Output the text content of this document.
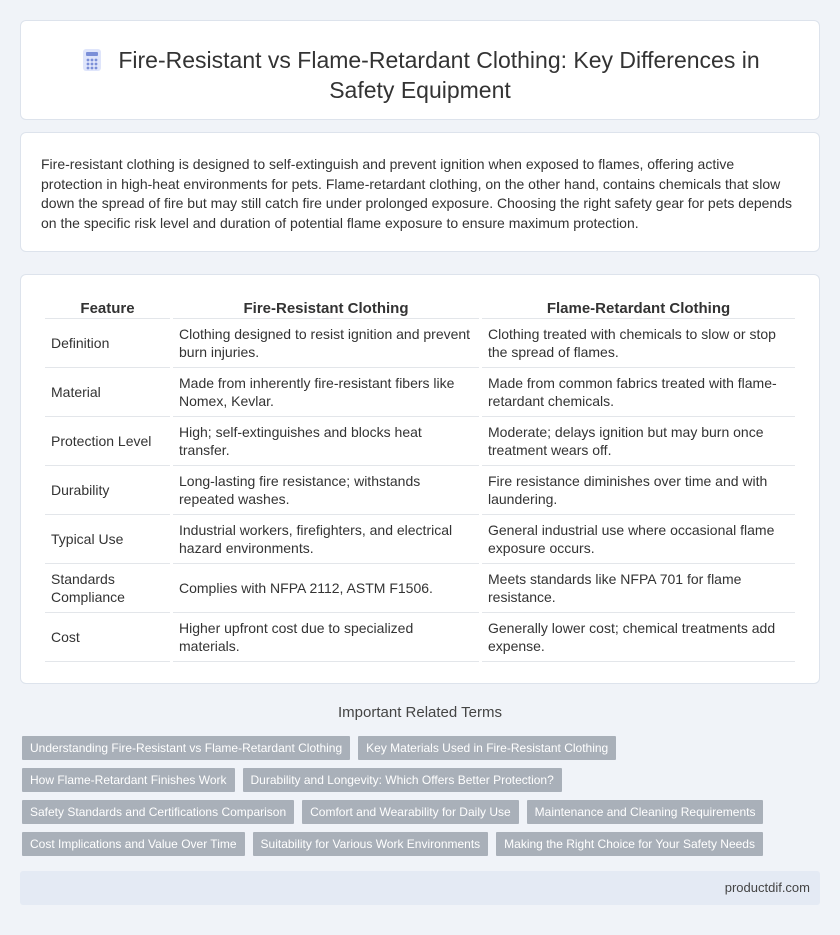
Fire-Resistant vs Flame-Retardant Clothing: Key Differences in Safety Equipment

Fire-resistant clothing is designed to self-extinguish and prevent ignition when exposed to flames, offering active protection in high-heat environments for pets. Flame-retardant clothing, on the other hand, contains chemicals that slow down the spread of fire but may still catch fire under prolonged exposure. Choosing the right safety gear for pets depends on the specific risk level and duration of potential flame exposure to ensure maximum protection.

Feature	Fire-Resistant Clothing	Flame-Retardant Clothing
Definition	Clothing designed to resist ignition and prevent burn injuries.	Clothing treated with chemicals to slow or stop the spread of flames.
Material	Made from inherently fire-resistant fibers like Nomex, Kevlar.	Made from common fabrics treated with flame-retardant chemicals.
Protection Level	High; self-extinguishes and blocks heat transfer.	Moderate; delays ignition but may burn once treatment wears off.
Durability	Long-lasting fire resistance; withstands repeated washes.	Fire resistance diminishes over time and with laundering.
Typical Use	Industrial workers, firefighters, and electrical hazard environments.	General industrial use where occasional flame exposure occurs.
Standards Compliance	Complies with NFPA 2112, ASTM F1506.	Meets standards like NFPA 701 for flame resistance.
Cost	Higher upfront cost due to specialized materials.	Generally lower cost; chemical treatments add expense.
Important Related Terms
Understanding Fire-Resistant vs Flame-Retardant Clothing	Key Materials Used in Fire-Resistant Clothing
How Flame-Retardant Finishes Work	Durability and Longevity: Which Offers Better Protection?
Safety Standards and Certifications Comparison	Comfort and Wearability for Daily Use	Maintenance and Cleaning Requirements
Cost Implications and Value Over Time	Suitability for Various Work Environments	Making the Right Choice for Your Safety Needs
productdif.com
